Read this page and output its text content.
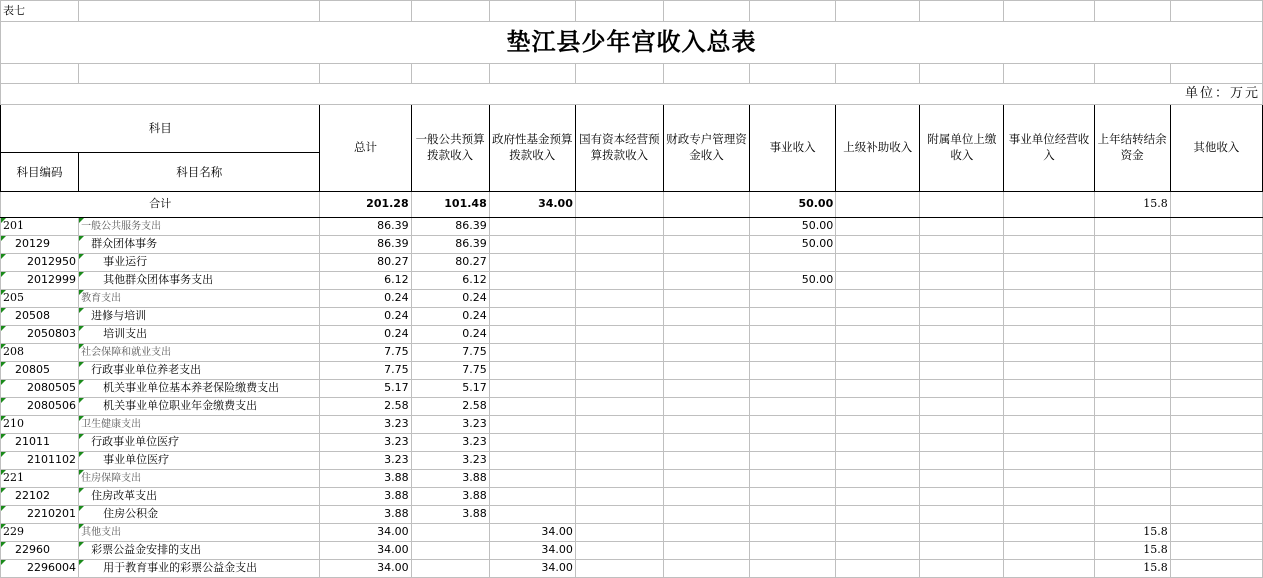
表七												
垫江县少年宫收入总表												

单位：万元												
科目		总计	一般公共预算拨款收入	政府性基金预算拨款收入	国有资本经营预算拨款收入	财政专户管理资金收入	事业收入	上级补助收入	附属单位上缴收入	事业单位经营收入	上年结转结余资金	其他收入
科目编码	科目名称											
合计		201.28	101.48	34.00			50.00				15.8	
201	一般公共服务支出	86.39	86.39				50.00					
20129	群众团体事务	86.39	86.39				50.00					
2012950	事业运行	80.27	80.27									
2012999	其他群众团体事务支出	6.12	6.12				50.00					
205	教育支出	0.24	0.24									
20508	进修与培训	0.24	0.24									
2050803	培训支出	0.24	0.24									
208	社会保障和就业支出	7.75	7.75									
20805	行政事业单位养老支出	7.75	7.75									
2080505	机关事业单位基本养老保险缴费支出	5.17	5.17									
2080506	机关事业单位职业年金缴费支出	2.58	2.58									
210	卫生健康支出	3.23	3.23									
21011	行政事业单位医疗	3.23	3.23									
2101102	事业单位医疗	3.23	3.23									
221	住房保障支出	3.88	3.88									
22102	住房改革支出	3.88	3.88									
2210201	住房公积金	3.88	3.88									
229	其他支出	34.00		34.00							15.8	
22960	彩票公益金安排的支出	34.00		34.00							15.8	
2296004	用于教育事业的彩票公益金支出	34.00		34.00							15.8	
